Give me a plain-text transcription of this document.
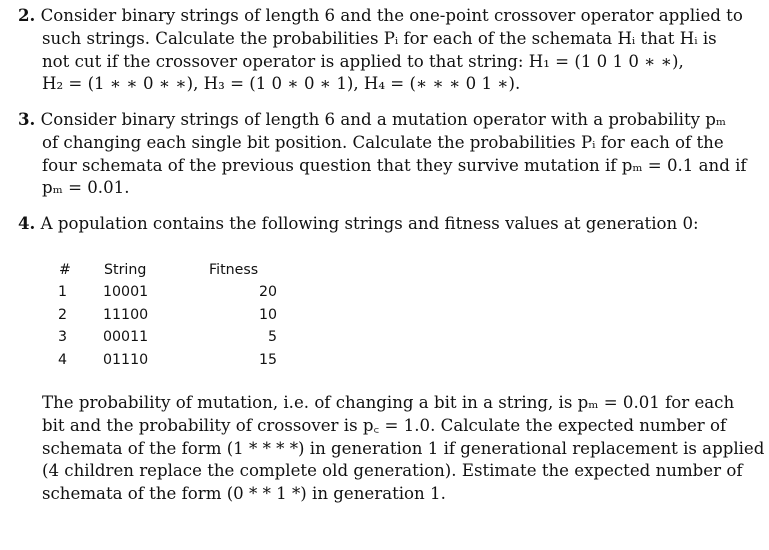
2. Consider binary strings of length 6 and the one-point crossover operator applied to
such strings. Calculate the probabilities Pᵢ for each of the schemata Hᵢ that Hᵢ is
not cut if the crossover operator is applied to that string: H₁ = (1 0 1 0 ∗ ∗),
H₂ = (1 ∗ ∗ 0 ∗ ∗), H₃ = (1 0 ∗ 0 ∗ 1), H₄ = (∗ ∗ ∗ 0 1 ∗).
3. Consider binary strings of length 6 and a mutation operator with a probability pₘ
of changing each single bit position. Calculate the probabilities Pᵢ for each of the
four schemata of the previous question that they survive mutation if pₘ = 0.1 and if
pₘ = 0.01.
4. A population contains the following strings and fitness values at generation 0:
#	String	Fitness
1	10001	20
2	11100	10
3	00011	5
4	01110	15
The probability of mutation, i.e. of changing a bit in a string, is pₘ = 0.01 for each
bit and the probability of crossover is p꜀ = 1.0. Calculate the expected number of
schemata of the form (1 * * * *) in generation 1 if generational replacement is applied
(4 children replace the complete old generation). Estimate the expected number of
schemata of the form (0 * * 1 *) in generation 1.
